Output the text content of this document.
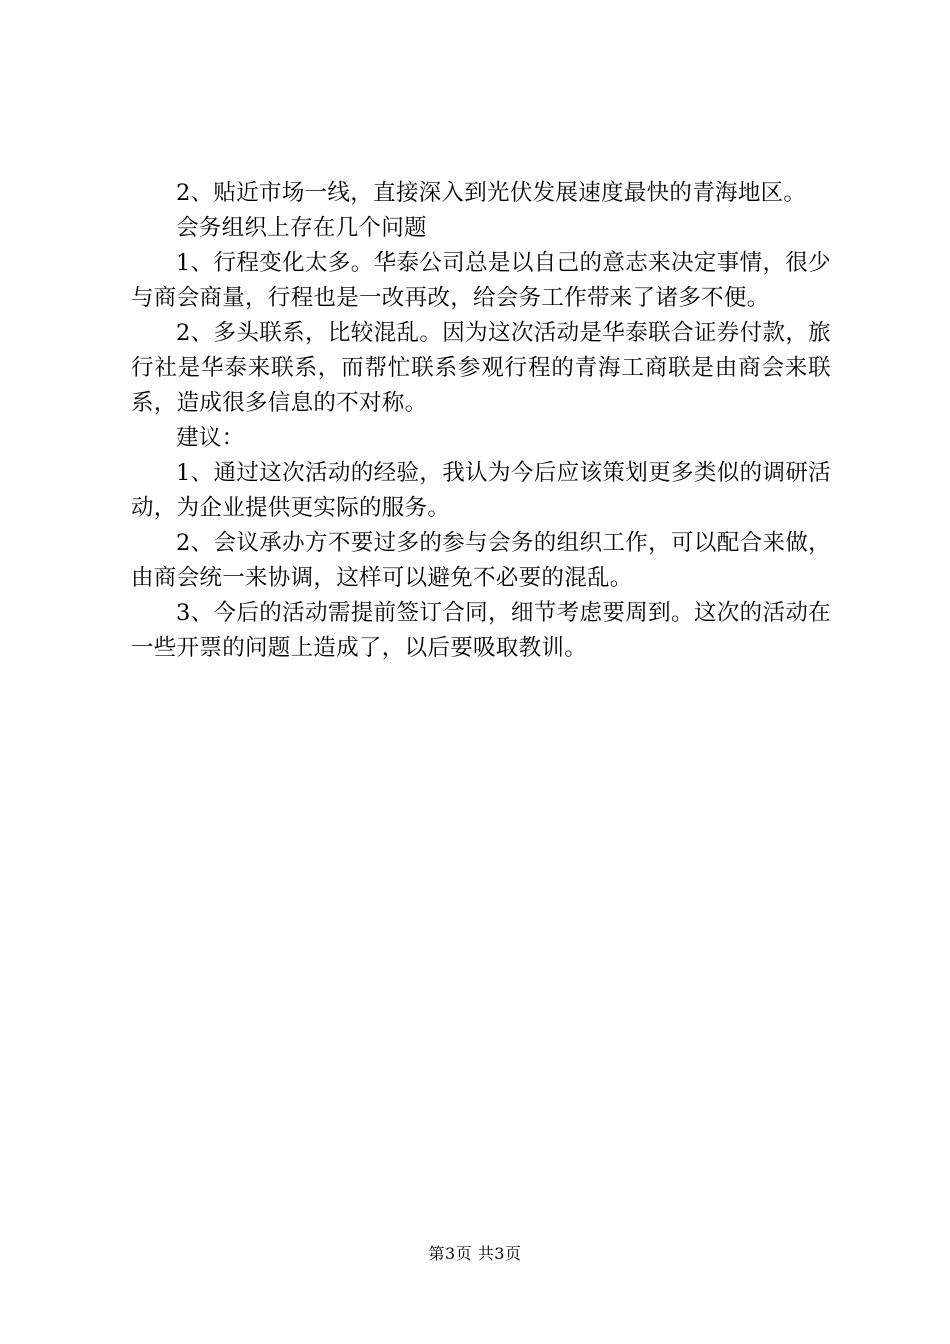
2、贴近市场一线，直接深入到光伏发展速度最快的青海地区。

会务组织上存在几个问题

1、行程变化太多。华泰公司总是以自己的意志来决定事情，很少与商会商量，行程也是一改再改，给会务工作带来了诸多不便。

2、多头联系，比较混乱。因为这次活动是华泰联合证券付款，旅行社是华泰来联系，而帮忙联系参观行程的青海工商联是由商会来联系，造成很多信息的不对称。

建议：

1、通过这次活动的经验，我认为今后应该策划更多类似的调研活动，为企业提供更实际的服务。

2、会议承办方不要过多的参与会务的组织工作，可以配合来做，由商会统一来协调，这样可以避免不必要的混乱。

3、今后的活动需提前签订合同，细节考虑要周到。这次的活动在一些开票的问题上造成了，以后要吸取教训。

第3页 共3页
